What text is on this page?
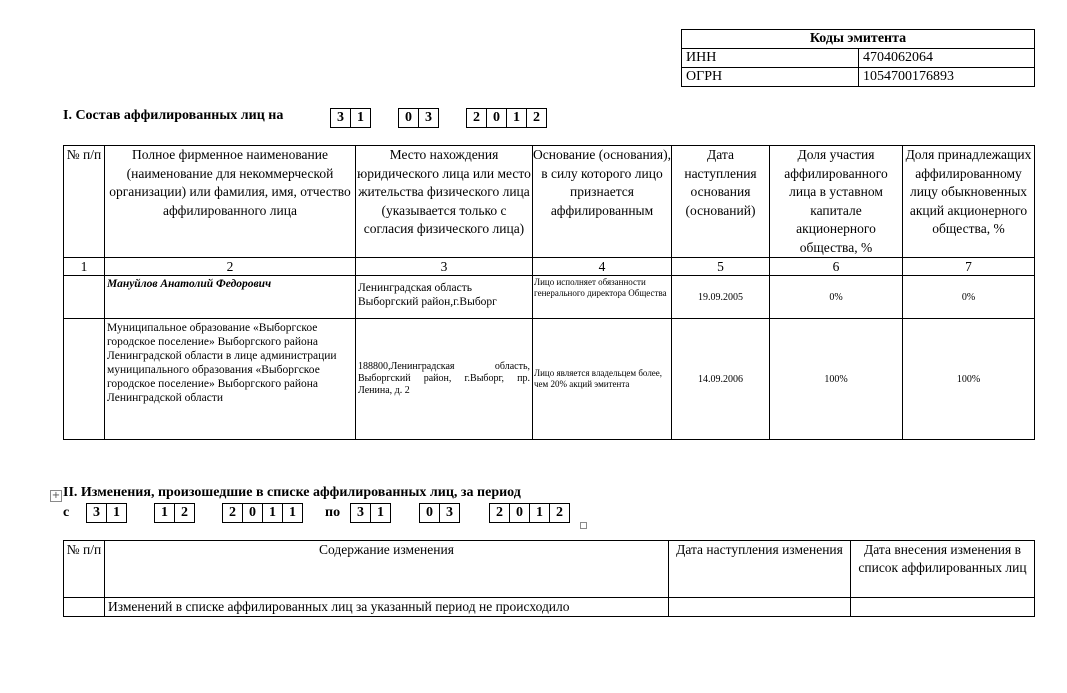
Коды эмитента	
ИНН	4704062064
ОГРН	1054700176893
I. Состав аффилированных лиц на	3 1	0 3	2 0 1 2
№ п/п	Полное фирменное наименование (наименование для некоммерческой организации) или фамилия, имя, отчество аффилированного лица	Место нахождения юридического лица или место жительства физического лица (указывается только с согласия физического лица)	Основание (основания), в силу которого лицо признается аффилированным	Дата наступления основания (оснований)	Доля участия аффилированного лица в уставном капитале акционерного общества, %	Доля принадлежащих аффилированному лицу обыкновенных акций акционерного общества, %
1	2	3	4	5	6	7
	Мануйлов Анатолий Федорович	Ленинградская область Выборгский район,г.Выборг	Лицо исполняет обязанности генерального директора Общества	19.09.2005	0%	0%
	Муниципальное образование «Выборгское городское поселение» Выборгского района Ленинградской области в лице администрации муниципального образования «Выборгское городское поселение» Выборгского района Ленинградской области	188800,Ленинградская область, Выборгский район, г.Выборг, пр. Ленина, д. 2	Лицо является владельцем более, чем 20% акций эмитента	14.09.2006	100%	100%
+ II. Изменения, произошедшие в списке аффилированных лиц, за период
с	3 1	1 2	2 0 1 1	по	3 1	0 3	2 0 1 2
№ п/п	Содержание изменения	Дата наступления изменения	Дата внесения изменения в список аффилированных лиц
	Изменений в списке аффилированных лиц за указанный период не происходило		
